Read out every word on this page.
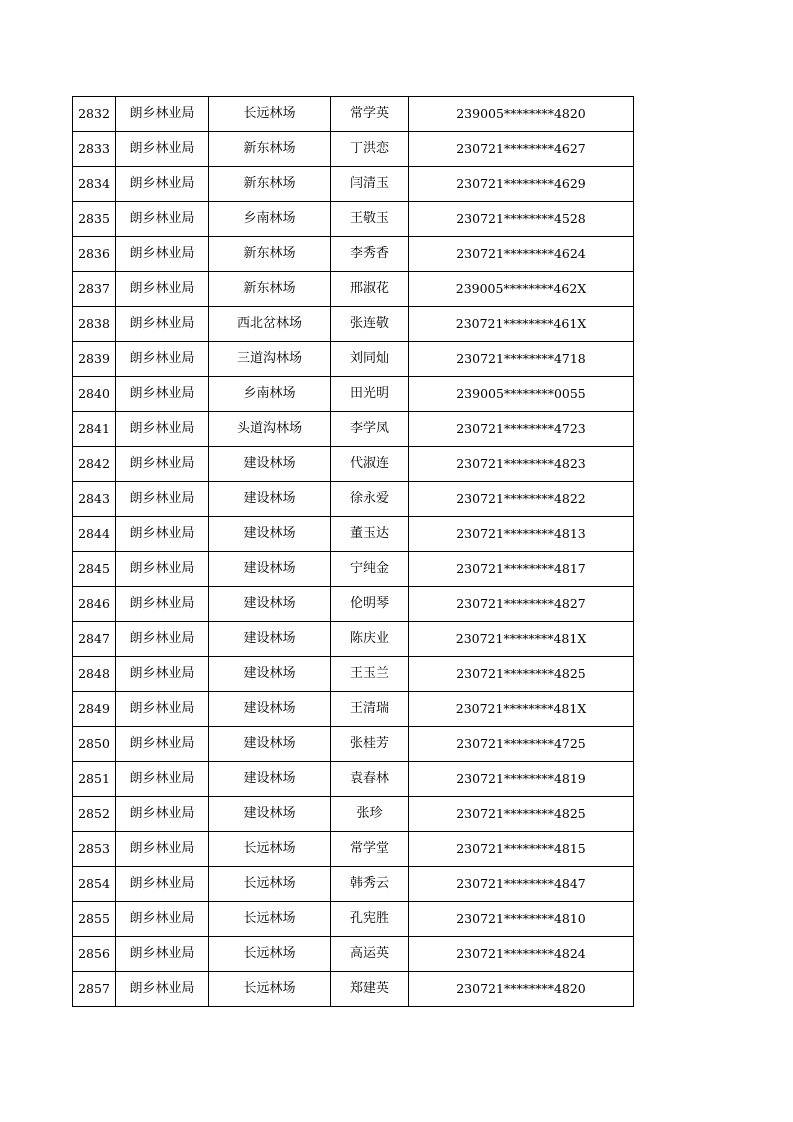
2832	朗乡林业局	长远林场	常学英	239005********4820
2833	朗乡林业局	新东林场	丁洪恋	230721********4627
2834	朗乡林业局	新东林场	闫清玉	230721********4629
2835	朗乡林业局	乡南林场	王敬玉	230721********4528
2836	朗乡林业局	新东林场	李秀香	230721********4624
2837	朗乡林业局	新东林场	邢淑花	239005********462X
2838	朗乡林业局	西北岔林场	张连敬	230721********461X
2839	朗乡林业局	三道沟林场	刘同灿	230721********4718
2840	朗乡林业局	乡南林场	田光明	239005********0055
2841	朗乡林业局	头道沟林场	李学凤	230721********4723
2842	朗乡林业局	建设林场	代淑连	230721********4823
2843	朗乡林业局	建设林场	徐永爱	230721********4822
2844	朗乡林业局	建设林场	董玉达	230721********4813
2845	朗乡林业局	建设林场	宁纯金	230721********4817
2846	朗乡林业局	建设林场	伦明琴	230721********4827
2847	朗乡林业局	建设林场	陈庆业	230721********481X
2848	朗乡林业局	建设林场	王玉兰	230721********4825
2849	朗乡林业局	建设林场	王清瑞	230721********481X
2850	朗乡林业局	建设林场	张桂芳	230721********4725
2851	朗乡林业局	建设林场	袁春林	230721********4819
2852	朗乡林业局	建设林场	张珍	230721********4825
2853	朗乡林业局	长远林场	常学堂	230721********4815
2854	朗乡林业局	长远林场	韩秀云	230721********4847
2855	朗乡林业局	长远林场	孔宪胜	230721********4810
2856	朗乡林业局	长远林场	高运英	230721********4824
2857	朗乡林业局	长远林场	郑建英	230721********4820
